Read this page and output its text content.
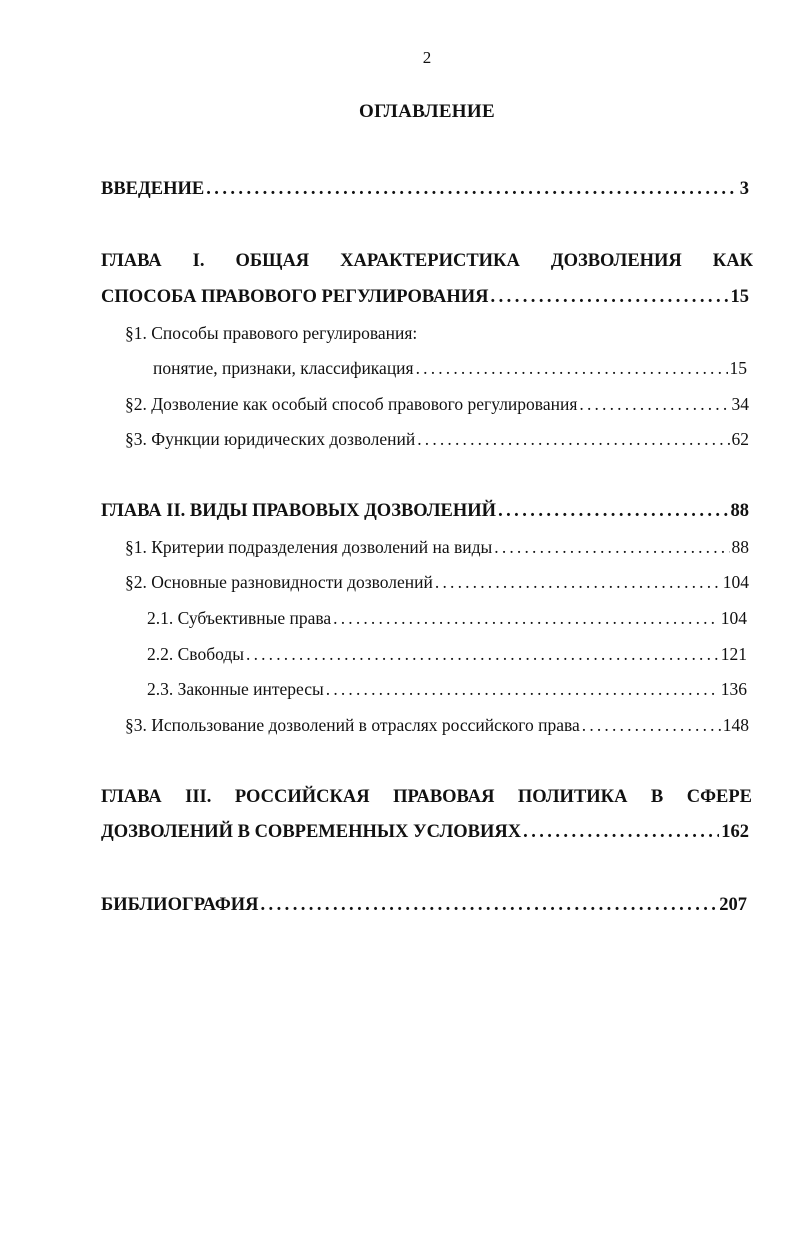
2
ОГЛАВЛЕНИЕ
ВВЕДЕНИЕ . . .	3
ГЛАВА I. ОБЩАЯ ХАРАКТЕРИСТИКА ДОЗВОЛЕНИЯ КАК
СПОСОБА ПРАВОВОГО РЕГУЛИРОВАНИЯ . . .	15
§1. Способы правового регулирования:
понятие, признаки, классификация . . .	15
§2. Дозволение как особый способ правового регулирования . . .	34
§3. Функции юридических дозволений . . .	62
ГЛАВА II. ВИДЫ ПРАВОВЫХ ДОЗВОЛЕНИЙ . . .	88
§1. Критерии подразделения дозволений на виды . . .	88
§2. Основные разновидности дозволений . . .	104
2.1. Субъективные права . . .	104
2.2. Свободы . . .	121
2.3. Законные интересы . . .	136
§3. Использование дозволений в отраслях российского права . . .	148
ГЛАВА III. РОССИЙСКАЯ ПРАВОВАЯ ПОЛИТИКА В СФЕРЕ
ДОЗВОЛЕНИЙ В СОВРЕМЕННЫХ УСЛОВИЯХ . . .	162
БИБЛИОГРАФИЯ . . .	207
